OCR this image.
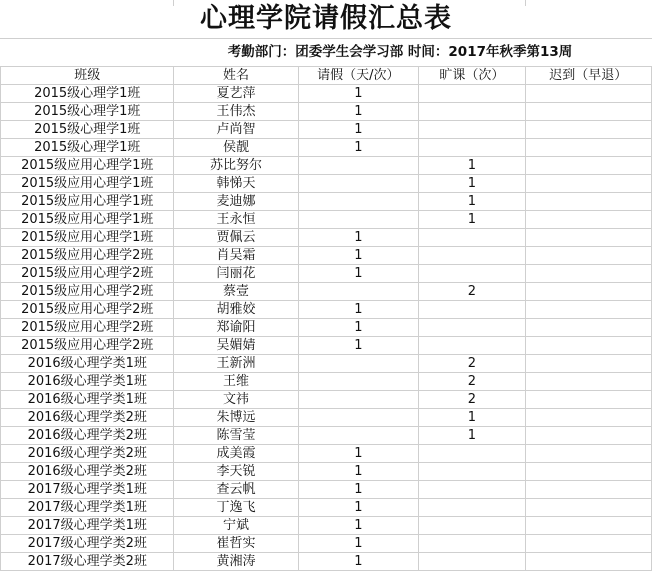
心理学院请假汇总表
考勤部门：团委学生会学习部 时间：2017年秋季第13周
班级	姓名	请假（天/次）	旷课（次）	迟到（早退）
2015级心理学1班	夏艺萍	1		
2015级心理学1班	王伟杰	1		
2015级心理学1班	卢尚智	1		
2015级心理学1班	侯靓	1		
2015级应用心理学1班	苏比努尔		1	
2015级应用心理学1班	韩悌天		1	
2015级应用心理学1班	麦迪娜		1	
2015级应用心理学1班	王永恒		1	
2015级应用心理学1班	贾佩云	1		
2015级应用心理学2班	肖吴霜	1		
2015级应用心理学2班	闫丽花	1		
2015级应用心理学2班	蔡壹		2	
2015级应用心理学2班	胡雅姣	1		
2015级应用心理学2班	郑谕阳	1		
2015级应用心理学2班	吴媚婧	1		
2016级心理学类1班	王新洲		2	
2016级心理学类1班	王维		2	
2016级心理学类1班	文祎		2	
2016级心理学类2班	朱博远		1	
2016级心理学类2班	陈雪莹		1	
2016级心理学类2班	成美霞	1		
2016级心理学类2班	李天锐	1		
2017级心理学类1班	查云帆	1		
2017级心理学类1班	丁逸飞	1		
2017级心理学类1班	宁斌	1		
2017级心理学类2班	崔哲实	1		
2017级心理学类2班	黄湘涛	1		
